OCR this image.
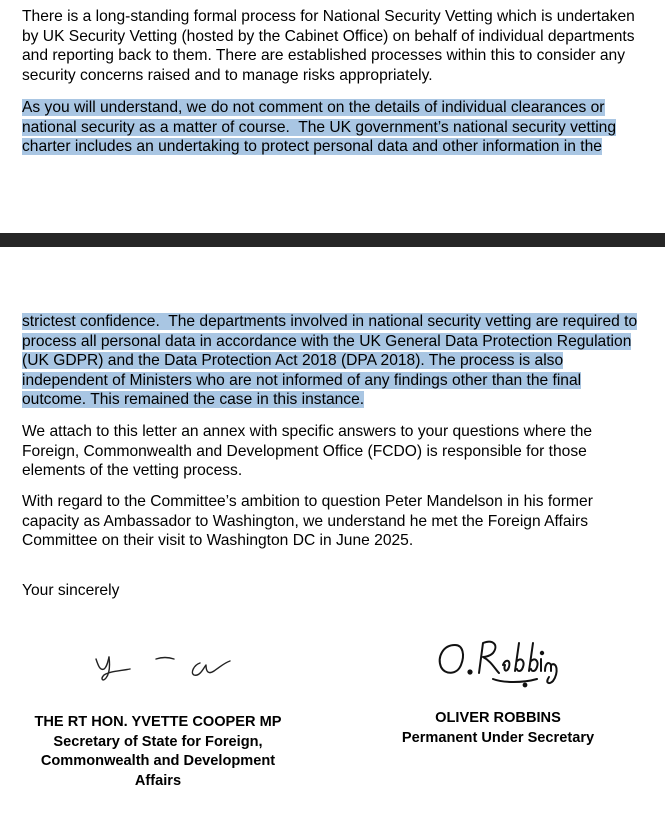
There is a long-standing formal process for National Security Vetting which is undertaken
by UK Security Vetting (hosted by the Cabinet Office) on behalf of individual departments
and reporting back to them. There are established processes within this to consider any
security concerns raised and to manage risks appropriately.
As you will understand, we do not comment on the details of individual clearances or
national security as a matter of course.  The UK government’s national security vetting
charter includes an undertaking to protect personal data and other information in the
strictest confidence.  The departments involved in national security vetting are required to
process all personal data in accordance with the UK General Data Protection Regulation
(UK GDPR) and the Data Protection Act 2018 (DPA 2018). The process is also
independent of Ministers who are not informed of any findings other than the final
outcome. This remained the case in this instance.
We attach to this letter an annex with specific answers to your questions where the
Foreign, Commonwealth and Development Office (FCDO) is responsible for those
elements of the vetting process.
With regard to the Committee’s ambition to question Peter Mandelson in his former
capacity as Ambassador to Washington, we understand he met the Foreign Affairs
Committee on their visit to Washington DC in June 2025.
Your sincerely
THE RT HON. YVETTE COOPER MP
Secretary of State for Foreign,
Commonwealth and Development
Affairs
OLIVER ROBBINS
Permanent Under Secretary
